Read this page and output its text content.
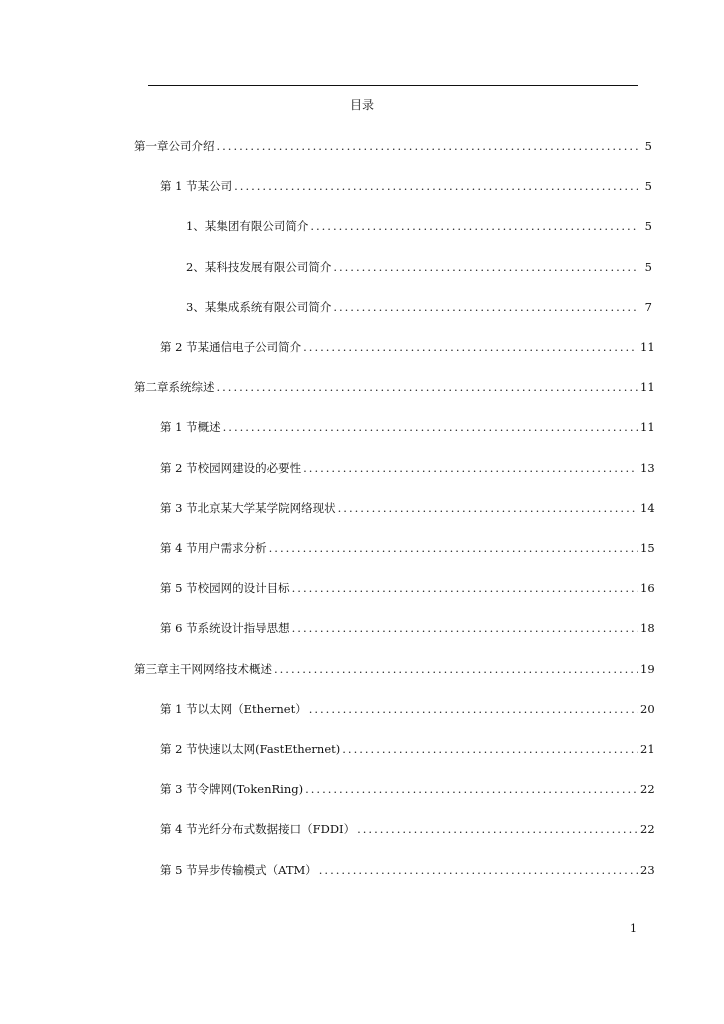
目录
第一章 公司介绍 .....	5
第 1 节 某公司 .....	5
1、 某集团有限公司简介 .....	5
2、 某科技发展有限公司简介 .....	5
3、 某集成系统有限公司简介 .....	7
第 2 节 某通信电子公司简介 .....	11
第二章 系统综述 .....	11
第 1 节 概述 .....	11
第 2 节 校园网建设的必要性 .....	13
第 3 节 北京某大学某学院网络现状 .....	14
第 4 节 用户需求分析 .....	15
第 5 节 校园网的设计目标 .....	16
第 6 节 系统设计指导思想 .....	18
第三章 主干网网络技术概述 .....	19
第 1 节 以太网（Ethernet） .....	20
第 2 节 快速以太网(FastEthernet) .....	21
第 3 节 令牌网(TokenRing) .....	22
第 4 节 光纤分布式数据接口（FDDI） .....	22
第 5 节 异步传输模式（ATM） .....	23
1
